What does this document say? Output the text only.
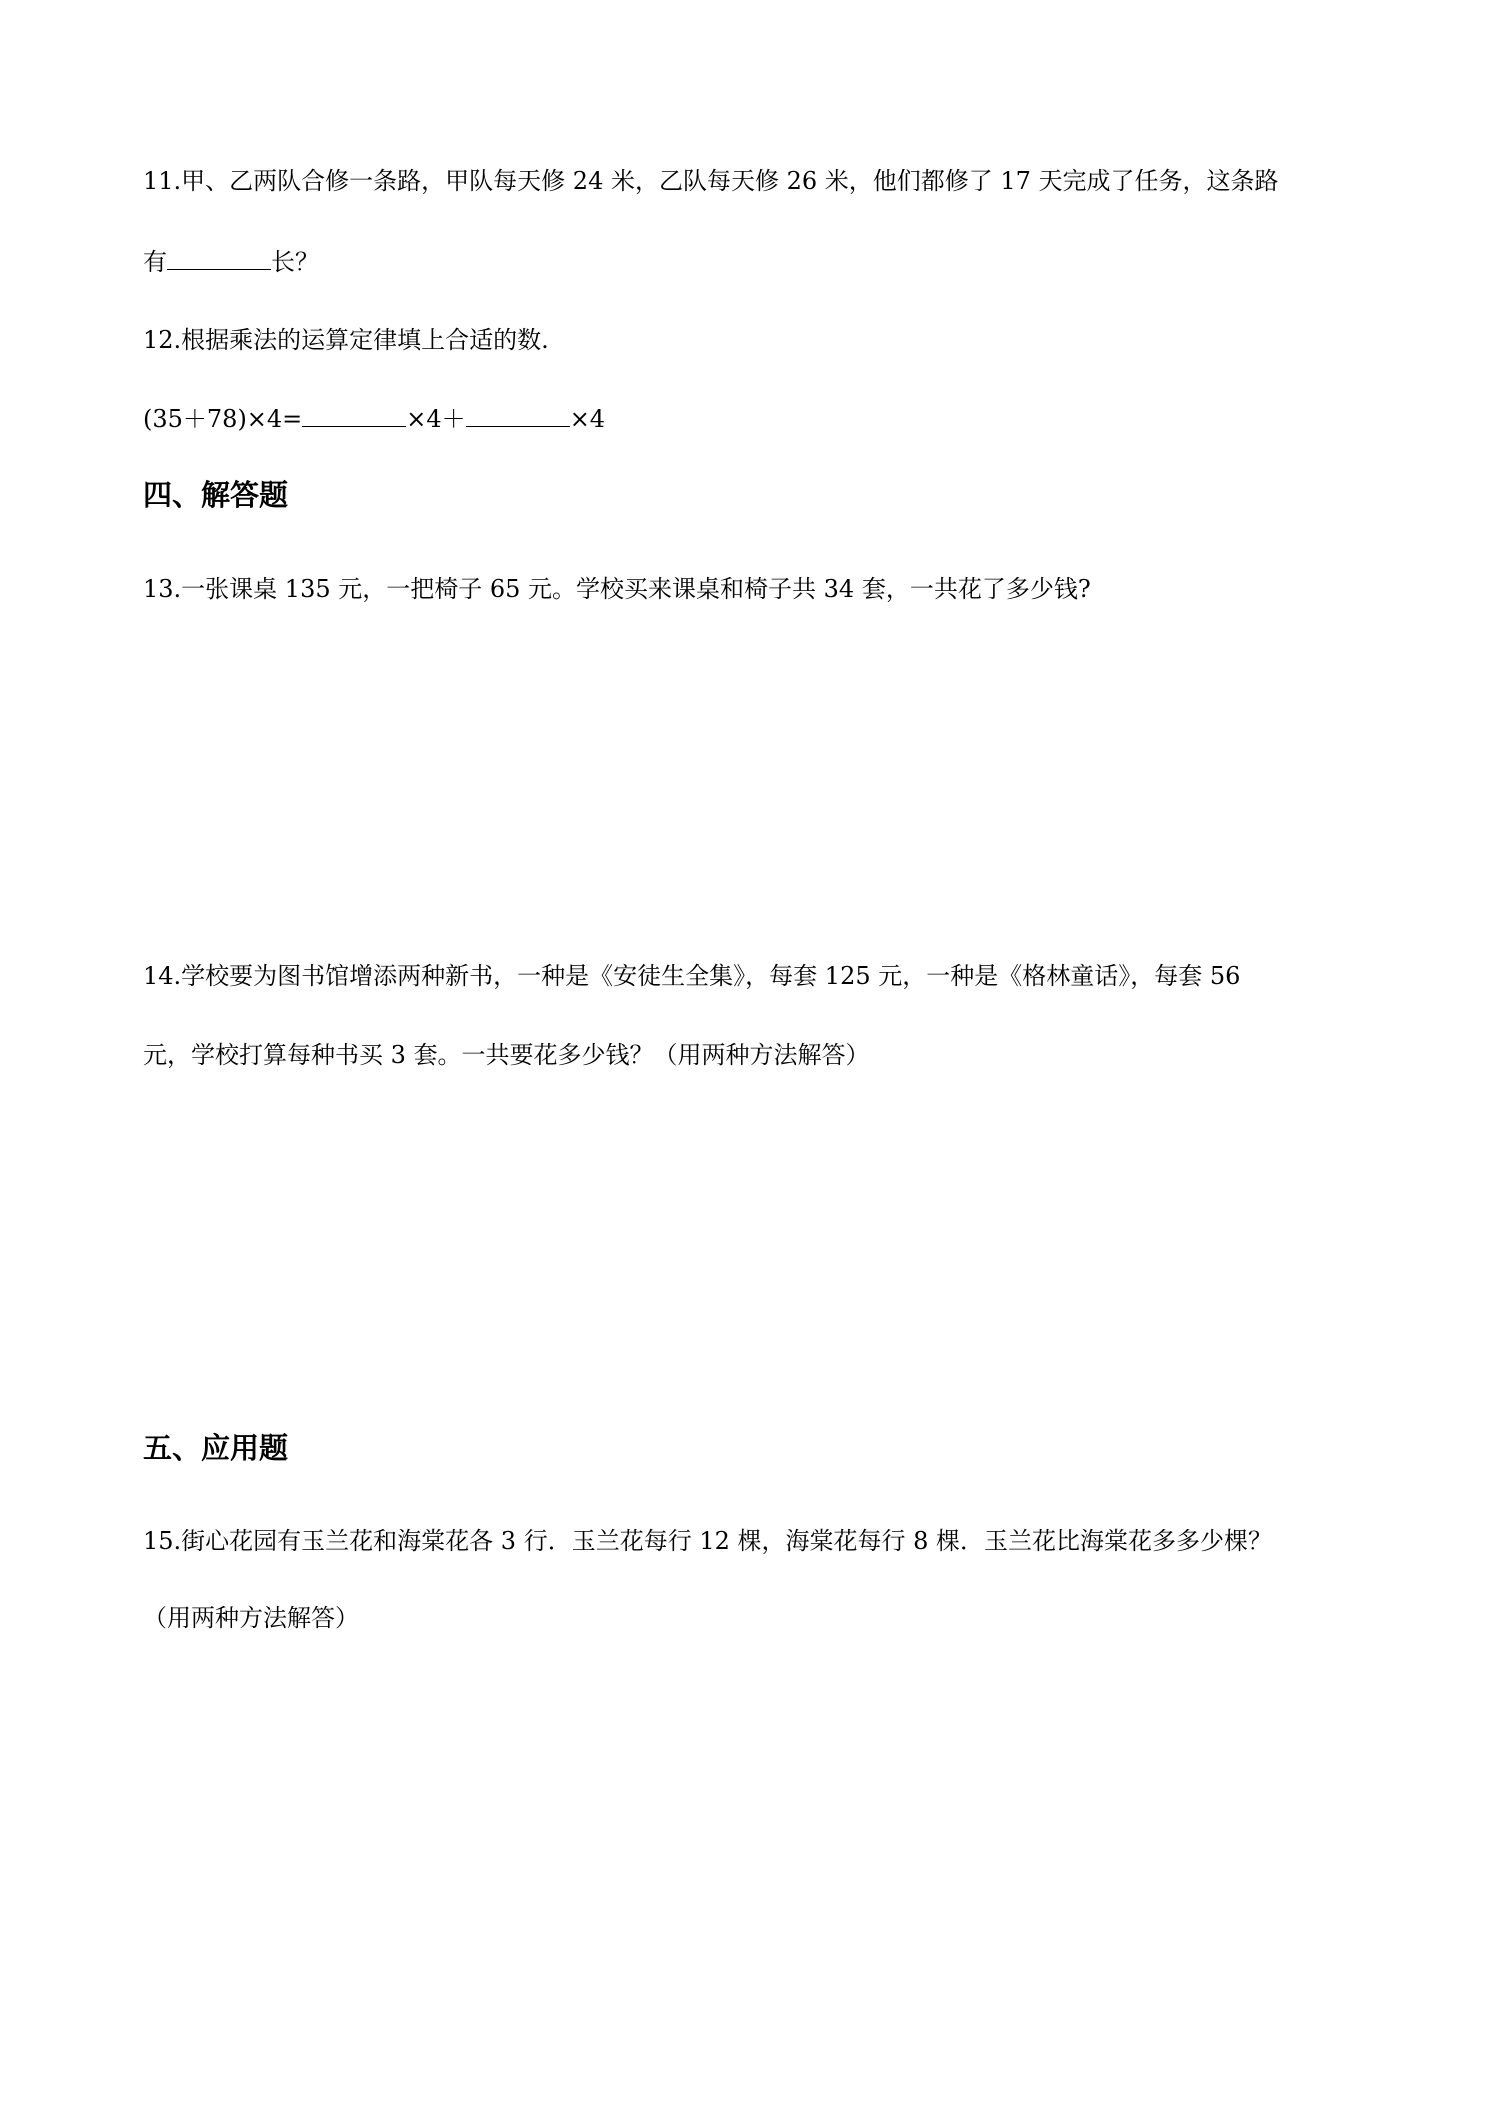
11.甲、乙两队合修一条路，甲队每天修 24 米，乙队每天修 26 米，他们都修了 17 天完成了任务，这条路
有	长？
12.根据乘法的运算定律填上合适的数.
(35＋78)×4=	×4＋	×4
四、解答题
13.一张课桌 135 元，一把椅子 65 元。学校买来课桌和椅子共 34 套，一共花了多少钱?
14.学校要为图书馆增添两种新书，一种是《安徒生全集》，每套 125 元，一种是《格林童话》，每套 56
元，学校打算每种书买 3 套。一共要花多少钱？（用两种方法解答）
五、应用题
15.街心花园有玉兰花和海棠花各 3 行．玉兰花每行 12 棵，海棠花每行 8 棵．玉兰花比海棠花多多少棵？
（用两种方法解答）
